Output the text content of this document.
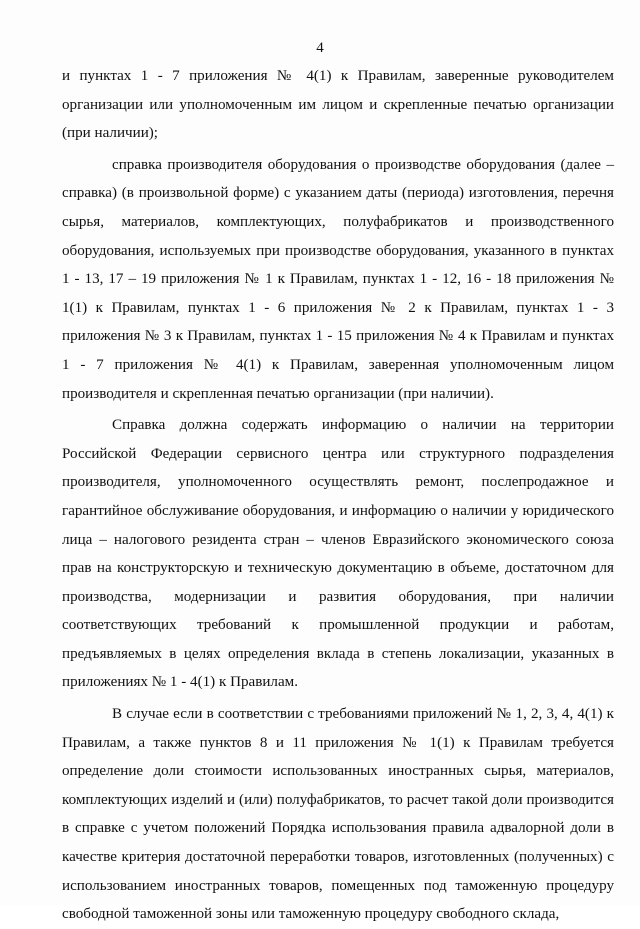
4

и пунктах 1 - 7 приложения № 4(1) к Правилам, заверенные руководителем организации или уполномоченным им лицом и скрепленные печатью организации (при наличии);

справка производителя оборудования о производстве оборудования (далее – справка) (в произвольной форме) с указанием даты (периода) изготовления, перечня сырья, материалов, комплектующих, полуфабрикатов и производственного оборудования, используемых при производстве оборудования, указанного в пунктах 1 - 13, 17 – 19 приложения № 1 к Правилам, пунктах 1 - 12, 16 - 18 приложения № 1(1) к Правилам, пунктах 1 - 6 приложения № 2 к Правилам, пунктах 1 - 3 приложения № 3 к Правилам, пунктах 1 - 15 приложения № 4 к Правилам и пунктах 1 - 7 приложения № 4(1) к Правилам, заверенная уполномоченным лицом производителя и скрепленная печатью организации (при наличии).

Справка должна содержать информацию о наличии на территории Российской Федерации сервисного центра или структурного подразделения производителя, уполномоченного осуществлять ремонт, послепродажное и гарантийное обслуживание оборудования, и информацию о наличии у юридического лица – налогового резидента стран – членов Евразийского экономического союза прав на конструкторскую и техническую документацию в объеме, достаточном для производства, модернизации и развития оборудования, при наличии соответствующих требований к промышленной продукции и работам, предъявляемых в целях определения вклада в степень локализации, указанных в приложениях № 1 - 4(1) к Правилам.

В случае если в соответствии с требованиями приложений № 1, 2, 3, 4, 4(1) к Правилам, а также пунктов 8 и 11 приложения № 1(1) к Правилам требуется определение доли стоимости использованных иностранных сырья, материалов, комплектующих изделий и (или) полуфабрикатов, то расчет такой доли производится в справке с учетом положений Порядка использования правила адвалорной доли в качестве критерия достаточной переработки товаров, изготовленных (полученных) с использованием иностранных товаров, помещенных под таможенную процедуру свободной таможенной зоны или таможенную процедуру свободного склада,
